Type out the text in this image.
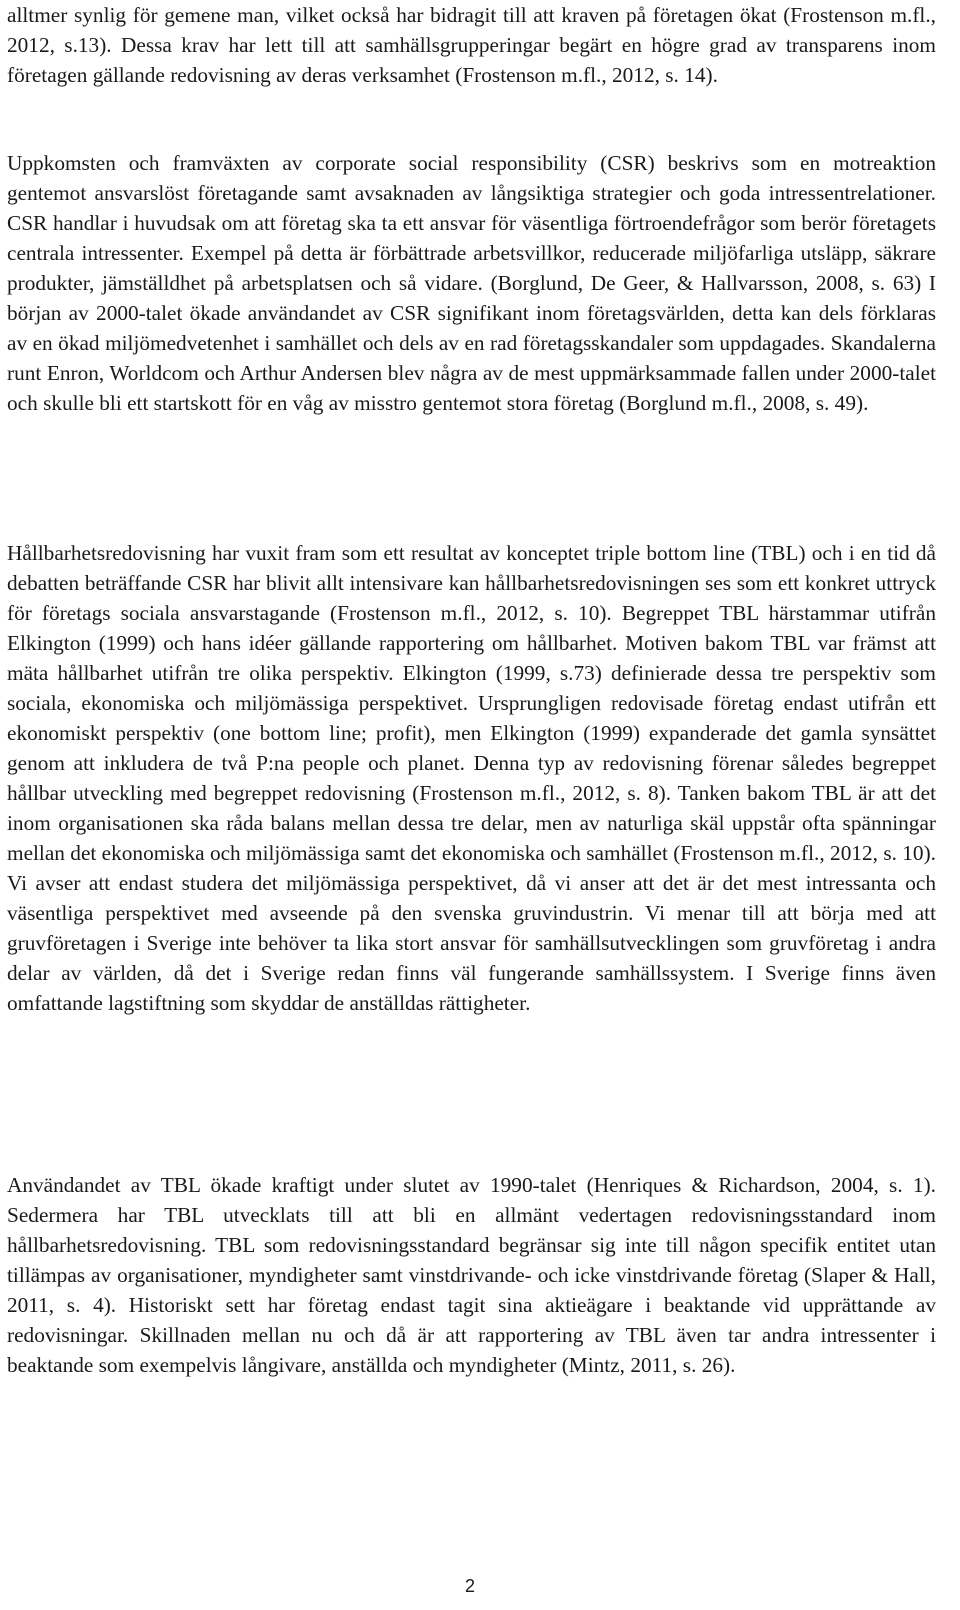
alltmer synlig för gemene man, vilket också har bidragit till att kraven på företagen ökat (Frostenson m.fl., 2012, s.13). Dessa krav har lett till att samhällsgrupperingar begärt en högre grad av transparens inom företagen gällande redovisning av deras verksamhet (Frostenson m.fl., 2012, s. 14).

Uppkomsten och framväxten av corporate social responsibility (CSR) beskrivs som en motreaktion gentemot ansvarslöst företagande samt avsaknaden av långsiktiga strategier och goda intressentrelationer. CSR handlar i huvudsak om att företag ska ta ett ansvar för väsentliga förtroendefrågor som berör företagets centrala intressenter. Exempel på detta är förbättrade arbetsvillkor, reducerade miljöfarliga utsläpp, säkrare produkter, jämställdhet på arbetsplatsen och så vidare. (Borglund, De Geer, & Hallvarsson, 2008, s. 63) I början av 2000-talet ökade användandet av CSR signifikant inom företagsvärlden, detta kan dels förklaras av en ökad miljömedvetenhet i samhället och dels av en rad företagsskandaler som uppdagades. Skandalerna runt Enron, Worldcom och Arthur Andersen blev några av de mest uppmärksammade fallen under 2000-talet och skulle bli ett startskott för en våg av misstro gentemot stora företag (Borglund m.fl., 2008, s. 49).

Hållbarhetsredovisning har vuxit fram som ett resultat av konceptet triple bottom line (TBL) och i en tid då debatten beträffande CSR har blivit allt intensivare kan hållbarhetsredovisningen ses som ett konkret uttryck för företags sociala ansvarstagande (Frostenson m.fl., 2012, s. 10). Begreppet TBL härstammar utifrån Elkington (1999) och hans idéer gällande rapportering om hållbarhet. Motiven bakom TBL var främst att mäta hållbarhet utifrån tre olika perspektiv. Elkington (1999, s.73) definierade dessa tre perspektiv som sociala, ekonomiska och miljömässiga perspektivet. Ursprungligen redovisade företag endast utifrån ett ekonomiskt perspektiv (one bottom line; profit), men Elkington (1999) expanderade det gamla synsättet genom att inkludera de två P:na people och planet. Denna typ av redovisning förenar således begreppet hållbar utveckling med begreppet redovisning (Frostenson m.fl., 2012, s. 8). Tanken bakom TBL är att det inom organisationen ska råda balans mellan dessa tre delar, men av naturliga skäl uppstår ofta spänningar mellan det ekonomiska och miljömässiga samt det ekonomiska och samhället (Frostenson m.fl., 2012, s. 10). Vi avser att endast studera det miljömässiga perspektivet, då vi anser att det är det mest intressanta och väsentliga perspektivet med avseende på den svenska gruvindustrin. Vi menar till att börja med att gruvföretagen i Sverige inte behöver ta lika stort ansvar för samhällsutvecklingen som gruvföretag i andra delar av världen, då det i Sverige redan finns väl fungerande samhällssystem. I Sverige finns även omfattande lagstiftning som skyddar de anställdas rättigheter.

Användandet av TBL ökade kraftigt under slutet av 1990-talet (Henriques & Richardson, 2004, s. 1). Sedermera har TBL utvecklats till att bli en allmänt vedertagen redovisningsstandard inom hållbarhetsredovisning. TBL som redovisningsstandard begränsar sig inte till någon specifik entitet utan tillämpas av organisationer, myndigheter samt vinstdrivande- och icke vinstdrivande företag (Slaper & Hall, 2011, s. 4). Historiskt sett har företag endast tagit sina aktieägare i beaktande vid upprättande av redovisningar. Skillnaden mellan nu och då är att rapportering av TBL även tar andra intressenter i beaktande som exempelvis långivare, anställda och myndigheter (Mintz, 2011, s. 26).

2
